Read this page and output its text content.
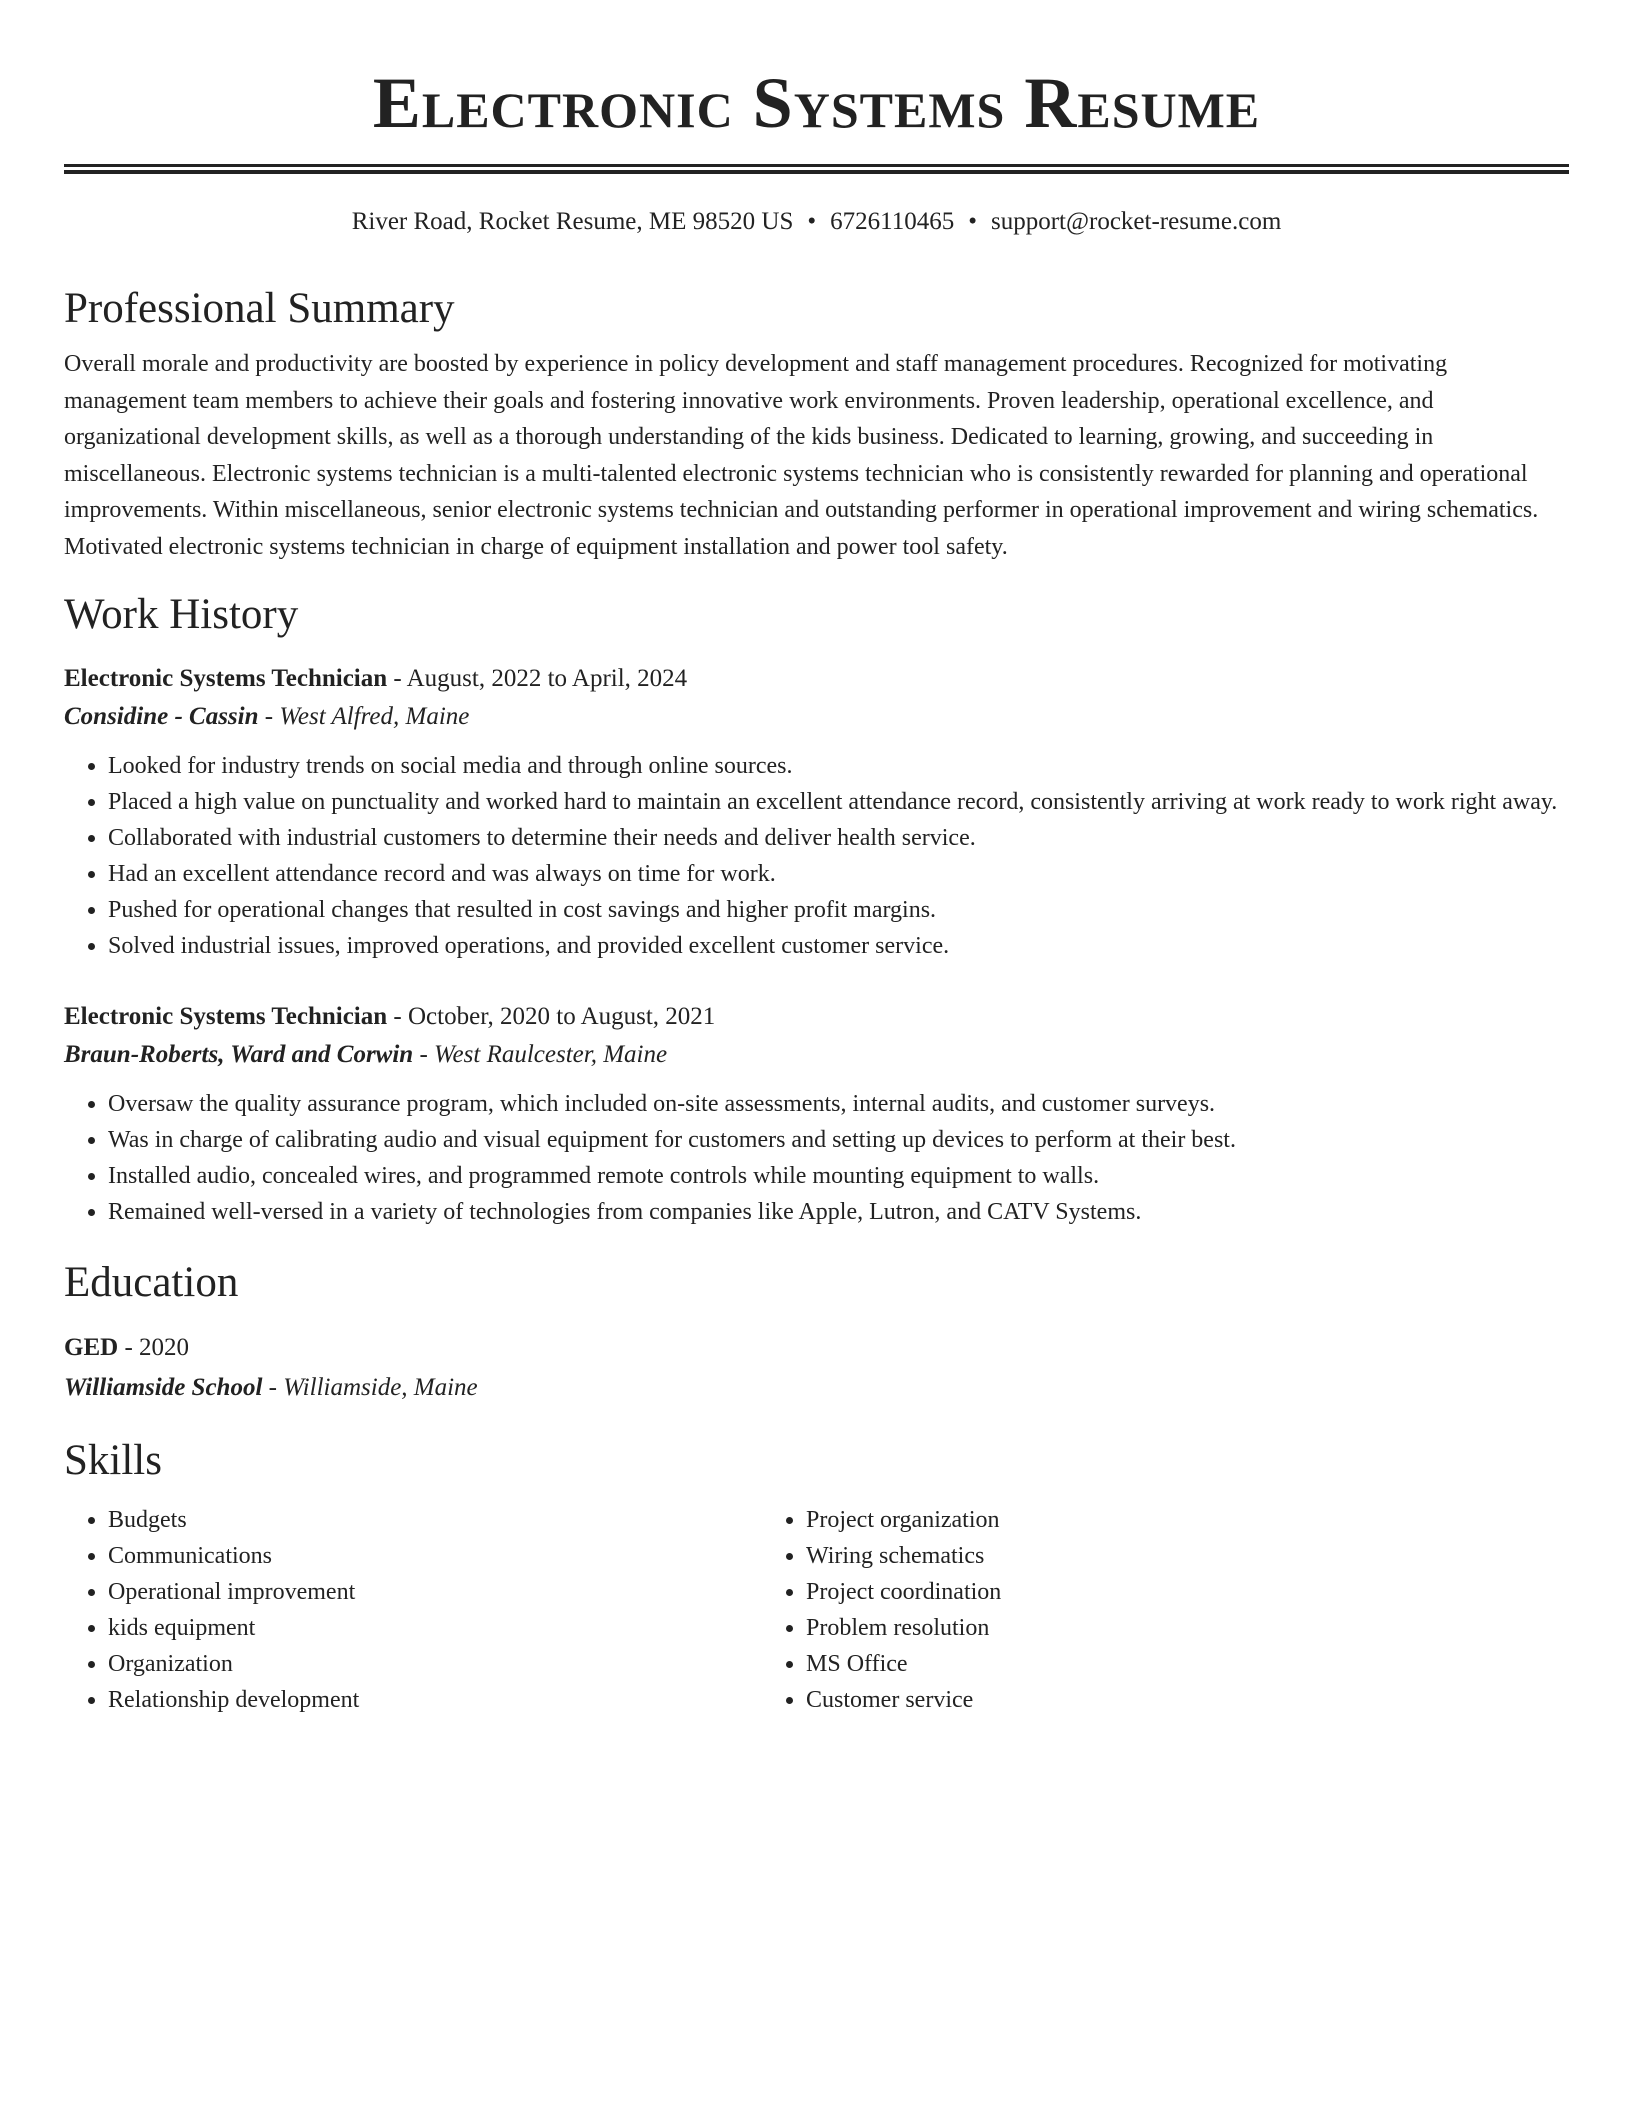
Electronic Systems Resume
River Road, Rocket Resume, ME 98520 US • 6726110465 • support@rocket-resume.com
Professional Summary

Overall morale and productivity are boosted by experience in policy development and staff management procedures. Recognized for motivating management team members to achieve their goals and fostering innovative work environments. Proven leadership, operational excellence, and organizational development skills, as well as a thorough understanding of the kids business. Dedicated to learning, growing, and succeeding in miscellaneous. Electronic systems technician is a multi-talented electronic systems technician who is consistently rewarded for planning and operational improvements. Within miscellaneous, senior electronic systems technician and outstanding performer in operational improvement and wiring schematics. Motivated electronic systems technician in charge of equipment installation and power tool safety.

Work History
Electronic Systems Technician - August, 2022 to April, 2024
Considine - Cassin - West Alfred, Maine
• Looked for industry trends on social media and through online sources.
• Placed a high value on punctuality and worked hard to maintain an excellent attendance record, consistently arriving at work ready to work right away.
• Collaborated with industrial customers to determine their needs and deliver health service.
• Had an excellent attendance record and was always on time for work.
• Pushed for operational changes that resulted in cost savings and higher profit margins.
• Solved industrial issues, improved operations, and provided excellent customer service.
Electronic Systems Technician - October, 2020 to August, 2021
Braun-Roberts, Ward and Corwin - West Raulcester, Maine
• Oversaw the quality assurance program, which included on-site assessments, internal audits, and customer surveys.
• Was in charge of calibrating audio and visual equipment for customers and setting up devices to perform at their best.
• Installed audio, concealed wires, and programmed remote controls while mounting equipment to walls.
• Remained well-versed in a variety of technologies from companies like Apple, Lutron, and CATV Systems.
Education
GED - 2020
Williamside School - Williamside, Maine
Skills
• Budgets
• Communications
• Operational improvement
• kids equipment
• Organization
• Relationship development
• Project organization
• Wiring schematics
• Project coordination
• Problem resolution
• MS Office
• Customer service
